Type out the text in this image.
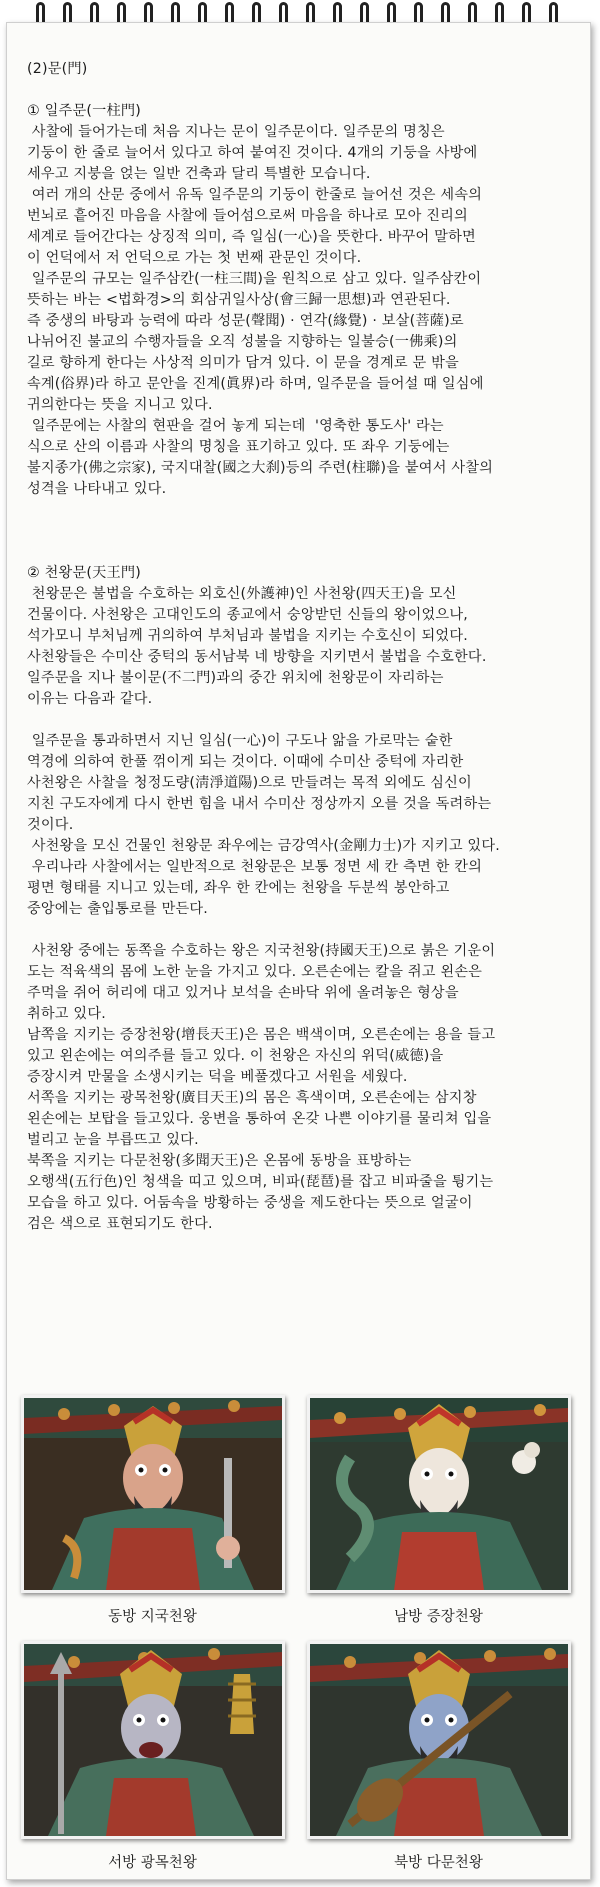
(2)문(門)

① 일주문(一柱門)

사찰에 들어가는데 처음 지나는 문이 일주문이다. 일주문의 명칭은
기둥이 한 줄로 늘어서 있다고 하여 붙여진 것이다. 4개의 기둥을 사방에
세우고 지붕을 얹는 일반 건축과 달리 특별한 모습니다.
여러 개의 산문 중에서 유독 일주문의 기둥이 한줄로 늘어선 것은 세속의
번뇌로 흩어진 마음을 사찰에 들어섬으로써 마음을 하나로 모아 진리의
세계로 들어간다는 상징적 의미, 즉 일심(一心)을 뜻한다. 바꾸어 말하면
이 언덕에서 저 언덕으로 가는 첫 번째 관문인 것이다.
일주문의 규모는 일주삼칸(一柱三間)을 원칙으로 삼고 있다. 일주삼칸이
뜻하는 바는 <법화경>의 회삼귀일사상(會三歸一思想)과 연관된다.
즉 중생의 바탕과 능력에 따라 성문(聲聞) · 연각(緣覺) · 보살(菩薩)로
나뉘어진 불교의 수행자들을 오직 성불을 지향하는 일불승(一佛乘)의
길로 향하게 한다는 사상적 의미가 담겨 있다. 이 문을 경계로 문 밖을
속계(俗界)라 하고 문안을 진계(眞界)라 하며, 일주문을 들어설 때 일심에
귀의한다는 뜻을 지니고 있다.
일주문에는 사찰의 현판을 걸어 놓게 되는데  '영축한 통도사' 라는
식으로 산의 이름과 사찰의 명칭을 표기하고 있다. 또 좌우 기둥에는
불지종가(佛之宗家), 국지대찰(國之大刹)등의 주련(柱聯)을 붙여서 사찰의
성격을 나타내고 있다.

② 천왕문(天王門)

천왕문은 불법을 수호하는 외호신(外護神)인 사천왕(四天王)을 모신
건물이다. 사천왕은 고대인도의 종교에서 숭앙받던 신들의 왕이었으나,
석가모니 부처님께 귀의하여 부처님과 불법을 지키는 수호신이 되었다.
사천왕들은 수미산 중턱의 동서남북 네 방향을 지키면서 불법을 수호한다.
일주문을 지나 불이문(不二門)과의 중간 위치에 천왕문이 자리하는
이유는 다음과 같다.

일주문을 통과하면서 지닌 일심(一心)이 구도나 앎을 가로막는 숱한
역경에 의하여 한풀 꺾이게 되는 것이다. 이때에 수미산 중턱에 자리한
사천왕은 사찰을 청정도량(淸淨道陽)으로 만들려는 목적 외에도 심신이
지친 구도자에게 다시 한번 힘을 내서 수미산 정상까지 오를 것을 독려하는
것이다.
사천왕을 모신 건물인 천왕문 좌우에는 금강역사(金剛力士)가 지키고 있다.
우리나라 사찰에서는 일반적으로 천왕문은 보통 정면 세 칸 측면 한 칸의
평면 형태를 지니고 있는데, 좌우 한 칸에는 천왕을 두분씩 봉안하고
중앙에는 출입통로를 만든다.

사천왕 중에는 동쪽을 수호하는 왕은 지국천왕(持國天王)으로 붉은 기운이
도는 적육색의 몸에 노한 눈을 가지고 있다. 오른손에는 칼을 쥐고 왼손은
주먹을 쥐어 허리에 대고 있거나 보석을 손바닥 위에 올려놓은 형상을
취하고 있다.
남쪽을 지키는 증장천왕(增長天王)은 몸은 백색이며, 오른손에는 용을 들고
있고 왼손에는 여의주를 들고 있다. 이 천왕은 자신의 위덕(威德)을
증장시켜 만물을 소생시키는 덕을 베풀겠다고 서원을 세웠다.
서쪽을 지키는 광목천왕(廣目天王)의 몸은 흑색이며, 오른손에는 삼지창
왼손에는 보탑을 들고있다. 웅변을 통하여 온갖 나쁜 이야기를 물리쳐 입을
벌리고 눈을 부릅뜨고 있다.
북쪽을 지키는 다문천왕(多聞天王)은 온몸에 동방을 표방하는
오행색(五行色)인 청색을 띠고 있으며, 비파(琵琶)를 잡고 비파줄을 튕기는
모습을 하고 있다. 어둠속을 방황하는 중생을 제도한다는 뜻으로 얼굴이
검은 색으로 표현되기도 한다.

동방 지국천왕	남방 증장천왕
서방 광목천왕	북방 다문천왕
